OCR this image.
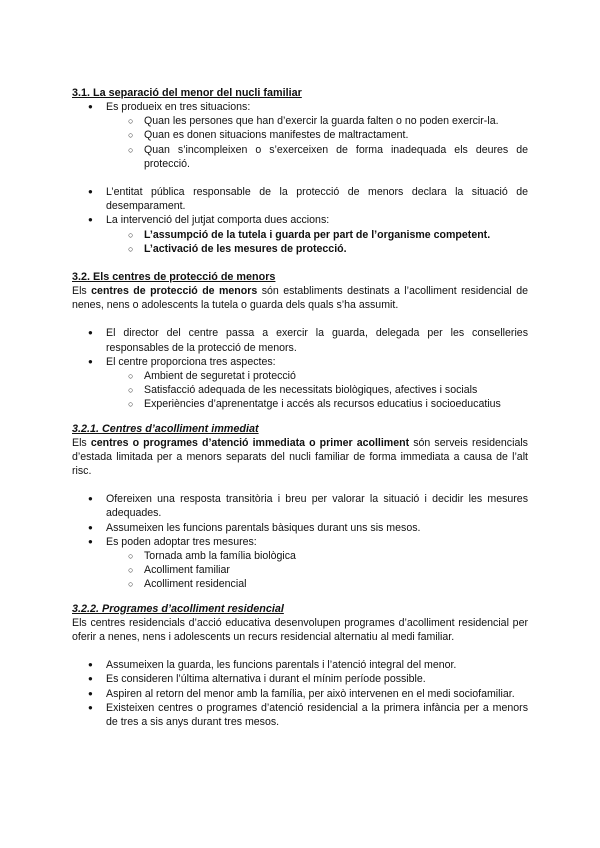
3.1. La separació del menor del nucli familiar
● Es produeix en tres situacions:
○ Quan les persones que han d’exercir la guarda falten o no poden exercir-la.
○ Quan es donen situacions manifestes de maltractament.
○ Quan s’incompleixen o s’exerceixen de forma inadequada els deures de protecció.
● L’entitat pública responsable de la protecció de menors declara la situació de desemparament.
● La intervenció del jutjat comporta dues accions:
○ L’assumpció de la tutela i guarda per part de l’organisme competent.
○ L’activació de les mesures de protecció.
3.2. Els centres de protecció de menors

Els centres de protecció de menors són establiments destinats a l’acolliment residencial de nenes, nens o adolescents la tutela o guarda dels quals s’ha assumit.

● El director del centre passa a exercir la guarda, delegada per les conselleries responsables de la protecció de menors.
● El centre proporciona tres aspectes:
○ Ambient de seguretat i protecció
○ Satisfacció adequada de les necessitats biològiques, afectives i socials
○ Experiències d’aprenentatge i accés als recursos educatius i socioeducatius
3.2.1. Centres d’acolliment immediat

Els centres o programes d’atenció immediata o primer acolliment són serveis residencials d’estada limitada per a menors separats del nucli familiar de forma immediata a causa de l’alt risc.

● Ofereixen una resposta transitòria i breu per valorar la situació i decidir les mesures adequades.
● Assumeixen les funcions parentals bàsiques durant uns sis mesos.
● Es poden adoptar tres mesures:
○ Tornada amb la família biològica
○ Acolliment familiar
○ Acolliment residencial
3.2.2. Programes d’acolliment residencial

Els centres residencials d’acció educativa desenvolupen programes d’acolliment residencial per oferir a nenes, nens i adolescents un recurs residencial alternatiu al medi familiar.

● Assumeixen la guarda, les funcions parentals i l’atenció integral del menor.
● Es consideren l’última alternativa i durant el mínim període possible.
● Aspiren al retorn del menor amb la família, per això intervenen en el medi sociofamiliar.
● Existeixen centres o programes d’atenció residencial a la primera infància per a menors de tres a sis anys durant tres mesos.
